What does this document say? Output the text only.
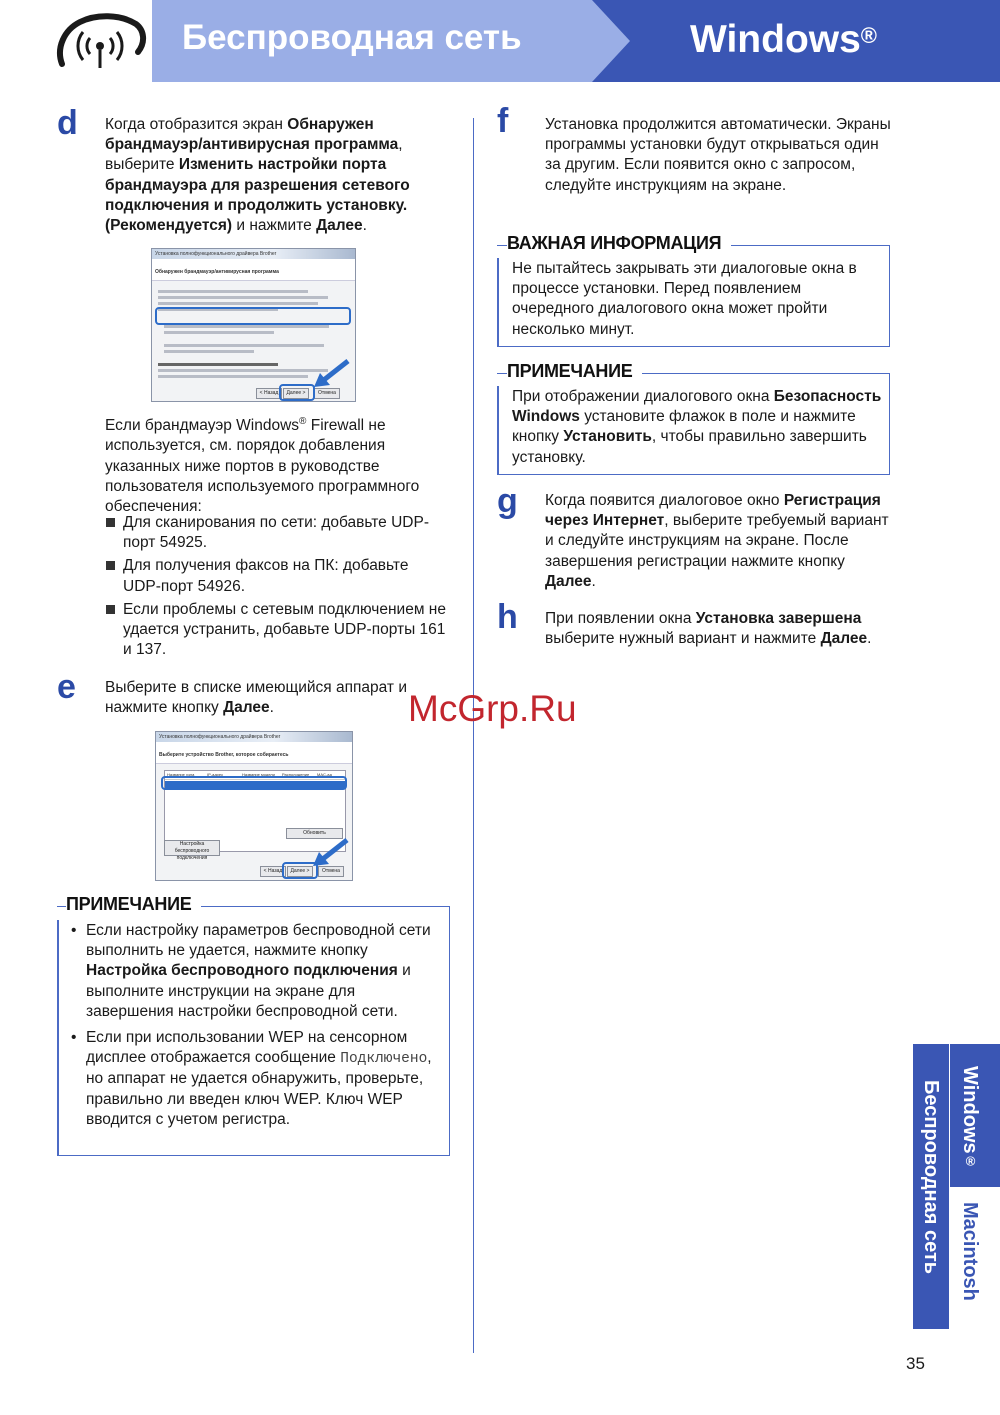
Беспроводная сеть	Windows®
d Когда отобразится экран Обнаружен брандмауэр/антивирусная программа, выберите Изменить настройки порта брандмауэра для разрешения сетевого подключения и продолжить установку. (Рекомендуется) и нажмите Далее.
Установка полнофункционального драйвера Brother
Обнаружен брандмауэр/антивирусная программа
< Назад	Далее >	Отмена
Если брандмауэр Windows® Firewall не используется, см. порядок добавления указанных ниже портов в руководстве пользователя используемого программного обеспечения:
Для сканирования по сети: добавьте UDP-порт 54925.
Для получения факсов на ПК: добавьте UDP-порт 54926.
Если проблемы с сетевым подключением не удается устранить, добавьте UDP-порты 161 и 137.
e Выберите в списке имеющийся аппарат и нажмите кнопку Далее.
Установка полнофункционального драйвера Brother
Выберите устройство Brother, которое собираетесь
Название узла	IP-адрес	Название модели	Расположение	MAC-ад
Обновить
Настройка беспроводного подключения
< Назад	Далее >	Отмена
ПРИМЕЧАНИЕ
• Если настройку параметров беспроводной сети выполнить не удается, нажмите кнопку Настройка беспроводного подключения и выполните инструкции на экране для завершения настройки беспроводной сети.
• Если при использовании WEP на сенсорном дисплее отображается сообщение Подключено, но аппарат не удается обнаружить, проверьте, правильно ли введен ключ WEP. Ключ WEP вводится с учетом регистра.
f Установка продолжится автоматически. Экраны программы установки будут открываться один за другим. Если появится окно с запросом, следуйте инструкциям на экране.
ВАЖНАЯ ИНФОРМАЦИЯ
Не пытайтесь закрывать эти диалоговые окна в процессе установки. Перед появлением очередного диалогового окна может пройти несколько минут.
ПРИМЕЧАНИЕ
При отображении диалогового окна Безопасность Windows установите флажок в поле и нажмите кнопку Установить, чтобы правильно завершить установку.
g Когда появится диалоговое окно Регистрация через Интернет, выберите требуемый вариант и следуйте инструкциям на экране. После завершения регистрации нажмите кнопку Далее.
h При появлении окна Установка завершена выберите нужный вариант и нажмите Далее.
McGrp.Ru
Беспроводная сеть Windows®
Macintosh
35
